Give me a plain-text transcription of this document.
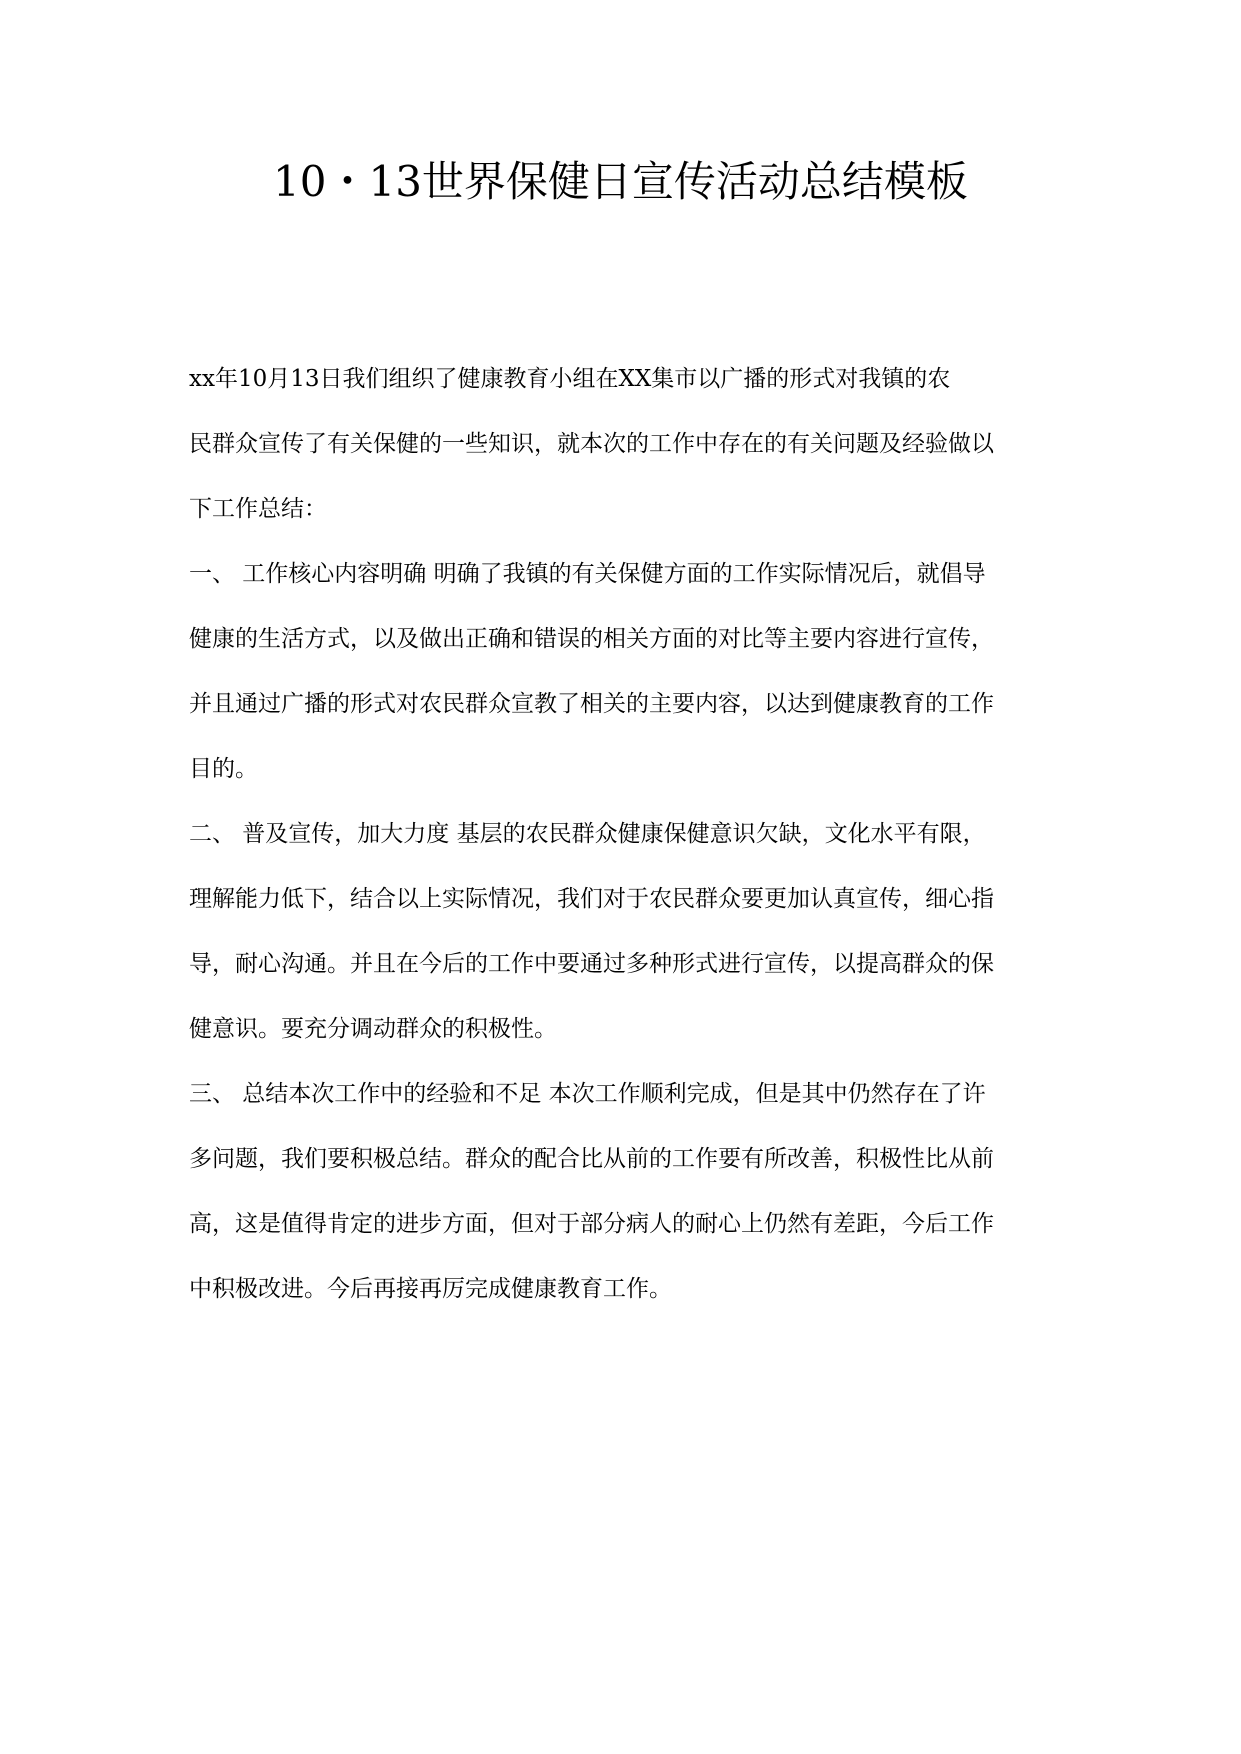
10・13世界保健日宣传活动总结模板

xx年10月13日我们组织了健康教育小组在XX集市以广播的形式对我镇的农

民群众宣传了有关保健的一些知识，就本次的工作中存在的有关问题及经验做以

下工作总结：

一、 工作核心内容明确 明确了我镇的有关保健方面的工作实际情况后，就倡导

健康的生活方式，以及做出正确和错误的相关方面的对比等主要内容进行宣传，

并且通过广播的形式对农民群众宣教了相关的主要内容，以达到健康教育的工作

目的。

二、 普及宣传，加大力度 基层的农民群众健康保健意识欠缺，文化水平有限，

理解能力低下，结合以上实际情况，我们对于农民群众要更加认真宣传，细心指

导，耐心沟通。并且在今后的工作中要通过多种形式进行宣传，以提高群众的保

健意识。要充分调动群众的积极性。

三、 总结本次工作中的经验和不足 本次工作顺利完成，但是其中仍然存在了许

多问题，我们要积极总结。群众的配合比从前的工作要有所改善，积极性比从前

高，这是值得肯定的进步方面，但对于部分病人的耐心上仍然有差距，今后工作

中积极改进。今后再接再厉完成健康教育工作。
